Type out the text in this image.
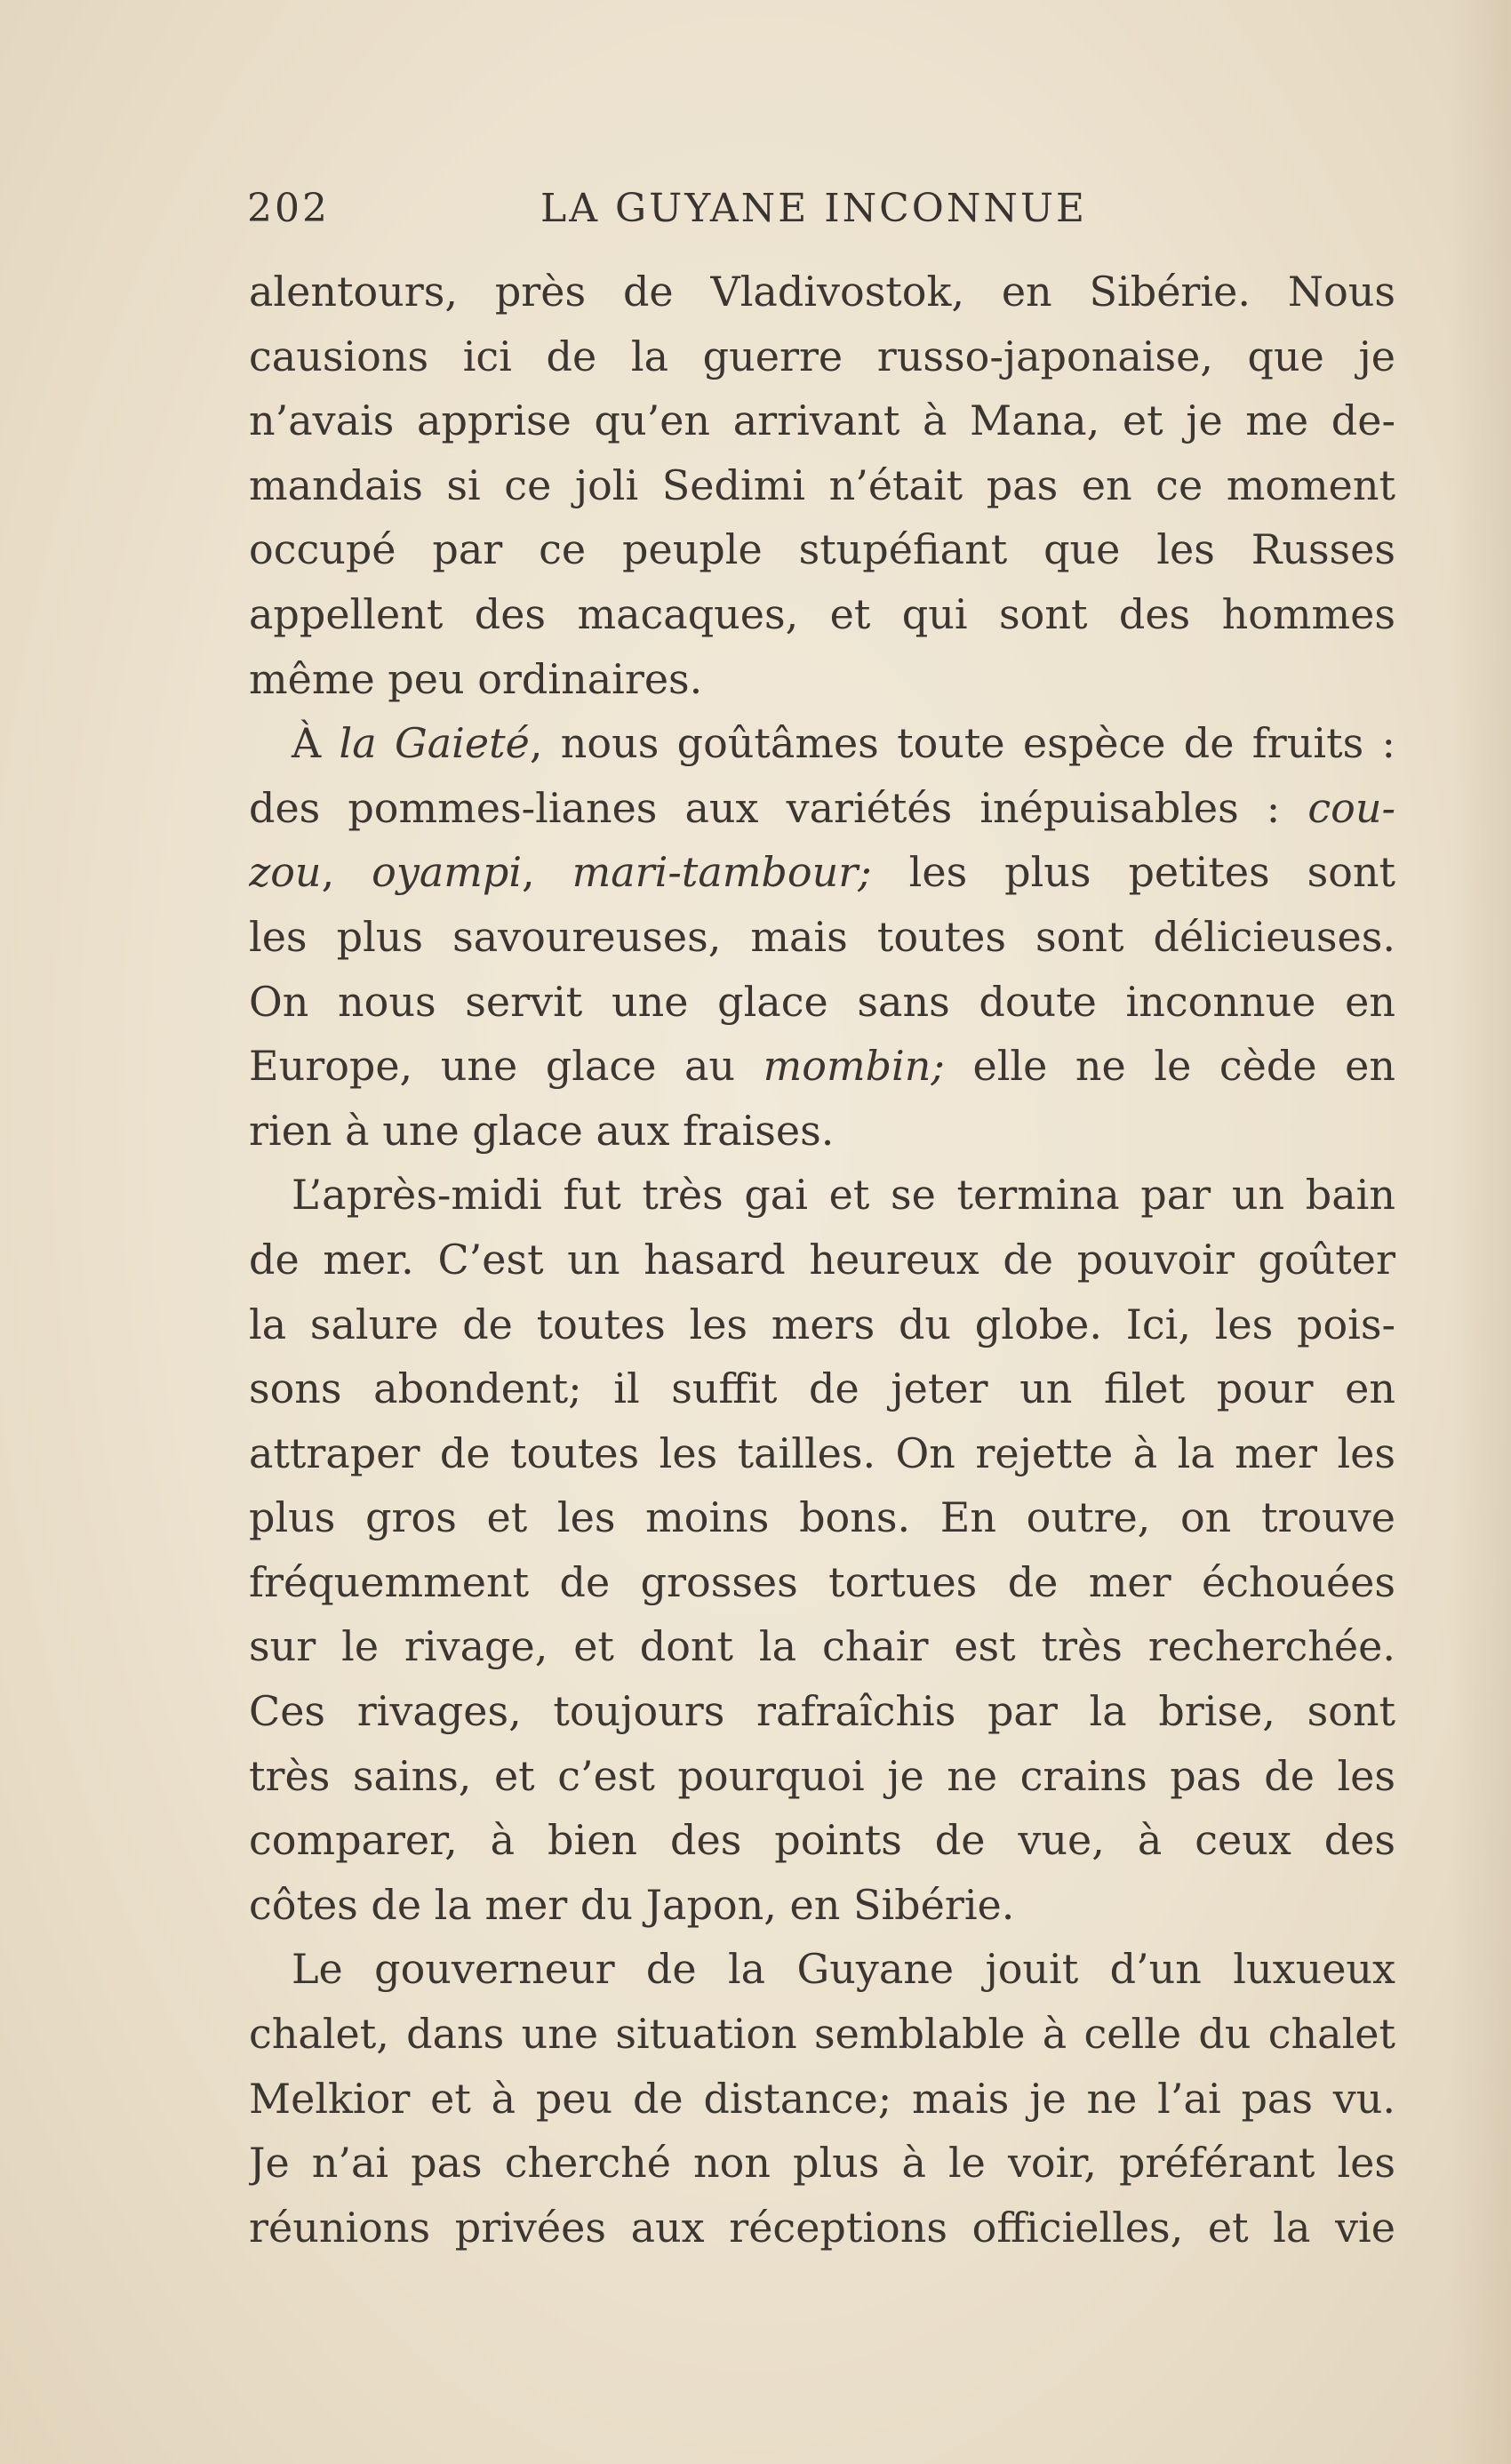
202	LA GUYANE INCONNUE
alentours, près de Vladivostok, en Sibérie. Nous
causions ici de la guerre russo-japonaise, que je
n’avais apprise qu’en arrivant à Mana, et je me de-
mandais si ce joli Sedimi n’était pas en ce moment
occupé par ce peuple stupéfiant que les Russes
appellent des macaques, et qui sont des hommes
même peu ordinaires.
À la Gaieté, nous goûtâmes toute espèce de fruits :
des pommes-lianes aux variétés inépuisables : cou-
zou, oyampi, mari-tambour; les plus petites sont
les plus savoureuses, mais toutes sont délicieuses.
On nous servit une glace sans doute inconnue en
Europe, une glace au mombin; elle ne le cède en
rien à une glace aux fraises.
L’après-midi fut très gai et se termina par un bain
de mer. C’est un hasard heureux de pouvoir goûter
la salure de toutes les mers du globe. Ici, les pois-
sons abondent; il suffit de jeter un filet pour en
attraper de toutes les tailles. On rejette à la mer les
plus gros et les moins bons. En outre, on trouve
fréquemment de grosses tortues de mer échouées
sur le rivage, et dont la chair est très recherchée.
Ces rivages, toujours rafraîchis par la brise, sont
très sains, et c’est pourquoi je ne crains pas de les
comparer, à bien des points de vue, à ceux des
côtes de la mer du Japon, en Sibérie.
Le gouverneur de la Guyane jouit d’un luxueux
chalet, dans une situation semblable à celle du chalet
Melkior et à peu de distance; mais je ne l’ai pas vu.
Je n’ai pas cherché non plus à le voir, préférant les
réunions privées aux réceptions officielles, et la vie
